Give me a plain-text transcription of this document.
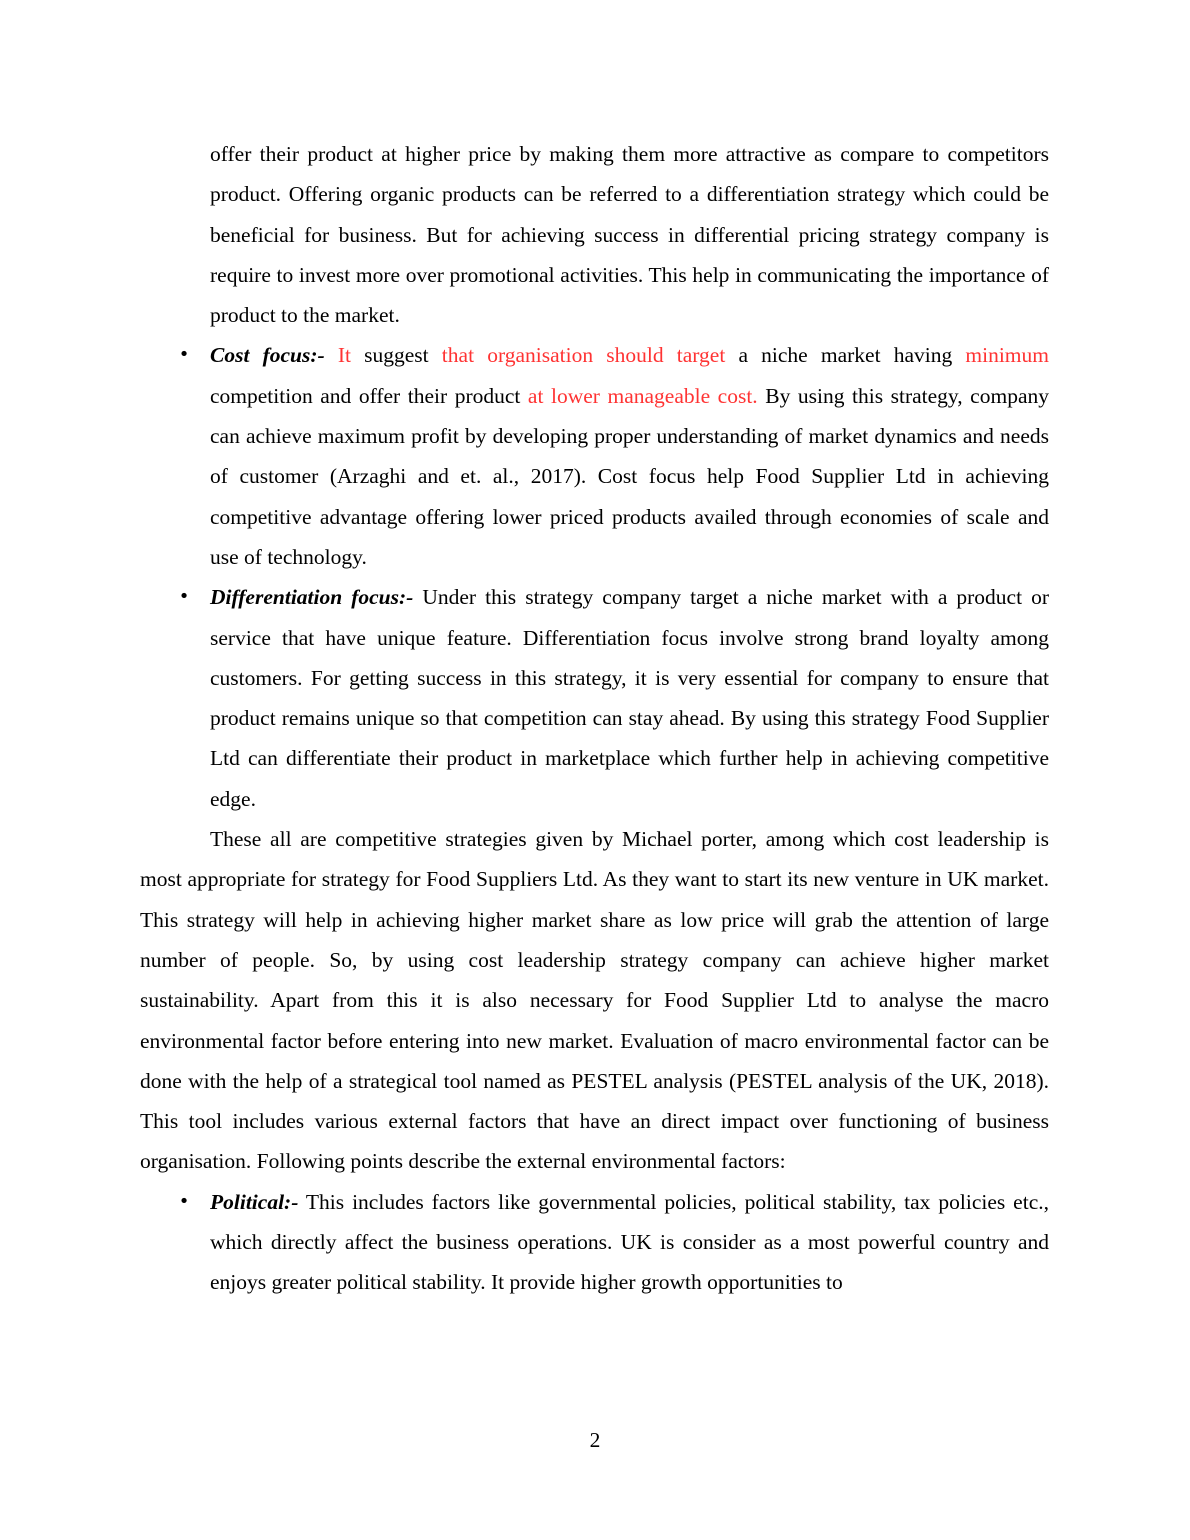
offer their product at higher price by making them more attractive as compare to competitors product. Offering organic products can be referred to a differentiation strategy which could be beneficial for business. But for achieving success in differential pricing strategy company is require to invest more over promotional activities. This help in communicating the importance of product to the market.

• Cost focus:- It suggest that organisation should target a niche market having minimum competition and offer their product at lower manageable cost. By using this strategy, company can achieve maximum profit by developing proper understanding of market dynamics and needs of customer (Arzaghi and et. al., 2017). Cost focus help Food Supplier Ltd in achieving competitive advantage offering lower priced products availed through economies of scale and use of technology.
• Differentiation focus:- Under this strategy company target a niche market with a product or service that have unique feature. Differentiation focus involve strong brand loyalty among customers. For getting success in this strategy, it is very essential for company to ensure that product remains unique so that competition can stay ahead. By using this strategy Food Supplier Ltd can differentiate their product in marketplace which further help in achieving competitive edge.

These all are competitive strategies given by Michael porter, among which cost leadership is most appropriate for strategy for Food Suppliers Ltd. As they want to start its new venture in UK market. This strategy will help in achieving higher market share as low price will grab the attention of large number of people. So, by using cost leadership strategy company can achieve higher market sustainability. Apart from this it is also necessary for Food Supplier Ltd to analyse the macro environmental factor before entering into new market. Evaluation of macro environmental factor can be done with the help of a strategical tool named as PESTEL analysis (PESTEL analysis of the UK, 2018). This tool includes various external factors that have an direct impact over functioning of business organisation. Following points describe the external environmental factors:

• Political:- This includes factors like governmental policies, political stability, tax policies etc., which directly affect the business operations. UK is consider as a most powerful country and enjoys greater political stability. It provide higher growth opportunities to
2
